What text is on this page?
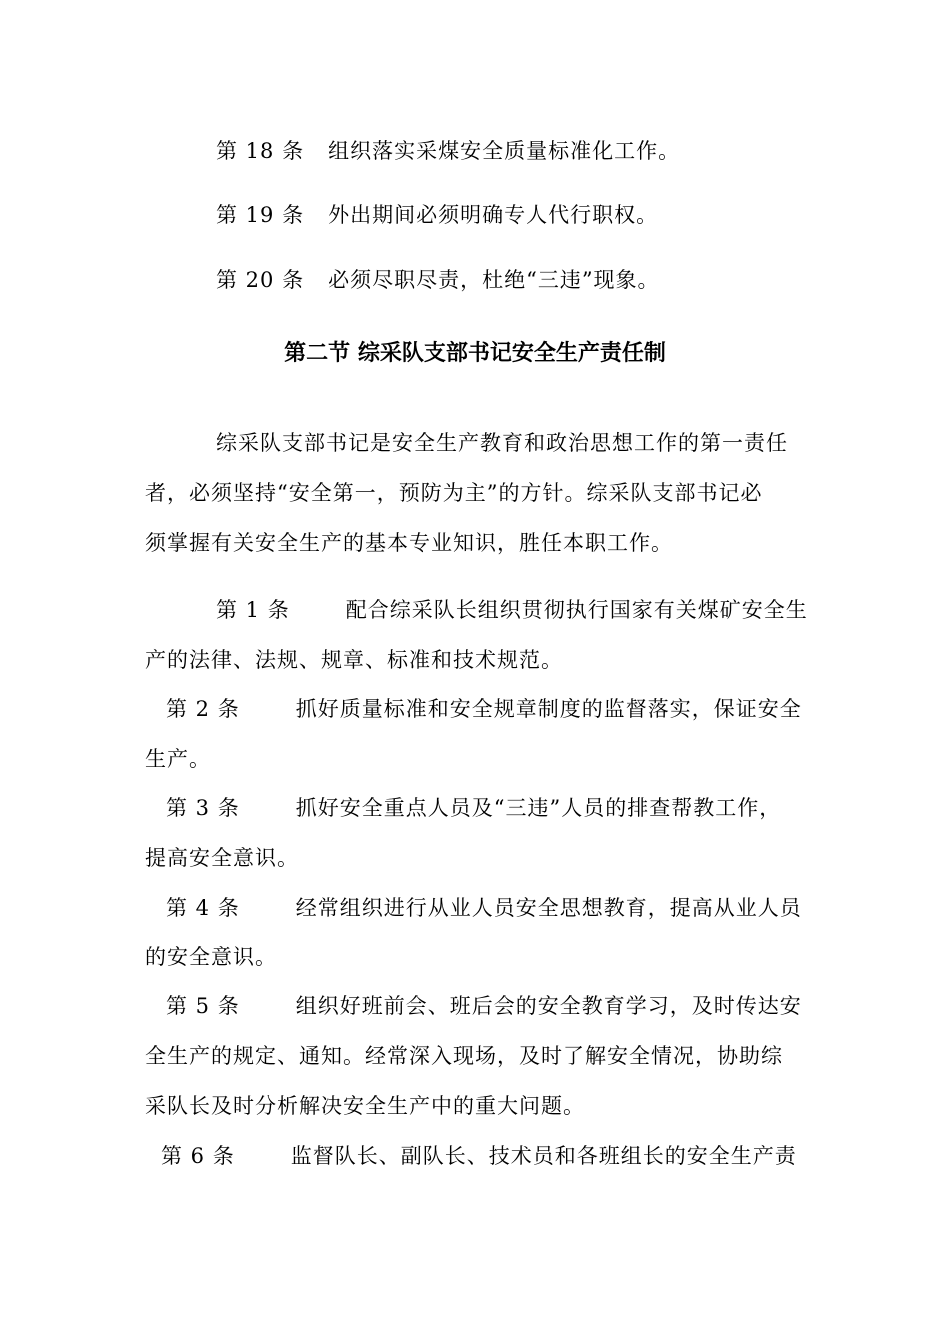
第 18 条 组织落实采煤安全质量标准化工作。
第 19 条 外出期间必须明确专人代行职权。
第 20 条 必须尽职尽责，杜绝“三违”现象。
第二节 综采队支部书记安全生产责任制
综采队支部书记是安全生产教育和政治思想工作的第一责任
者，必须坚持“安全第一，预防为主”的方针。综采队支部书记必
须掌握有关安全生产的基本专业知识，胜任本职工作。
第 1 条	配合综采队长组织贯彻执行国家有关煤矿安全生
产的法律、法规、规章、标准和技术规范。
第 2 条	抓好质量标准和安全规章制度的监督落实，保证安全
生产。
第 3 条	抓好安全重点人员及“三违”人员的排查帮教工作，
提高安全意识。
第 4 条	经常组织进行从业人员安全思想教育，提高从业人员
的安全意识。
第 5 条	组织好班前会、班后会的安全教育学习，及时传达安
全生产的规定、通知。经常深入现场，及时了解安全情况，协助综
采队长及时分析解决安全生产中的重大问题。
第 6 条	监督队长、副队长、技术员和各班组长的安全生产责
